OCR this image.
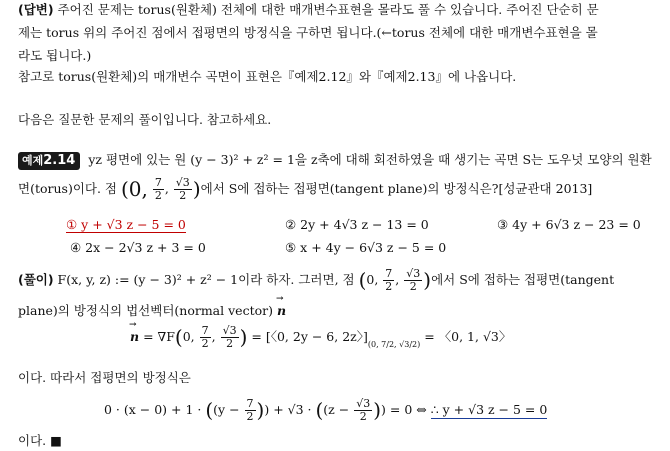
(답변) 주어진 문제는 torus(원환체) 전체에 대한 매개변수표현을 몰라도 풀 수 있습니다. 주어진 단순히 문
제는 torus 위의 주어진 점에서 접평면의 방정식을 구하면 됩니다.(←torus 전체에 대한 매개변수표현을 몰
라도 됩니다.)
참고로 torus(원환체)의 매개변수 곡면이 표현은『예제2.12』와『예제2.13』에 나옵니다.
다음은 질문한 문제의 풀이입니다. 참고하세요.
예제2.14 yz 평면에 있는 원 (y − 3)² + z² = 1을 z축에 대해 회전하였을 때 생기는 곡면 S는 도우넛 모양의 원환
면(torus)이다. 점 (0, $\frac{7}{2}$ , $\frac{√3}{2}$ )에서 S에 접하는 접평면(tangent plane)의 방정식은?[성균관대 2013]
① y + √3 z − 5 = 0	② 2y + 4√3 z − 13 = 0	③ 4y + 6√3 z − 23 = 0
④ 2x − 2√3 z + 3 = 0	⑤ x + 4y − 6√3 z − 5 = 0
(풀이) F(x, y, z) := (y − 3)² + z² − 1이라 하자. 그러면, 점 (0, $\frac{7}{2}$ , $\frac{√3}{2}$ )에서 S에 접하는 접평면(tangent
plane)의 방정식의 법선벡터(normal vector) → n
→ n = ∇F(0, $\frac{7}{2}$ , $\frac{√3}{2}$ ) = [〈0, 2y − 6, 2z〉]$_{(0, 7/2, √3/2)}$ = 〈0, 1, √3〉
이다. 따라서 접평면의 방정식은
$0 \cdot (x - 0) + 1 \cdot ((y - \frac{7}{2}$ )) + $√3 \cdot ((z - \frac{√3}{2}$ )) = 0 ⇔ ∴ y + √3 z − 5 = 0
이다. ■
